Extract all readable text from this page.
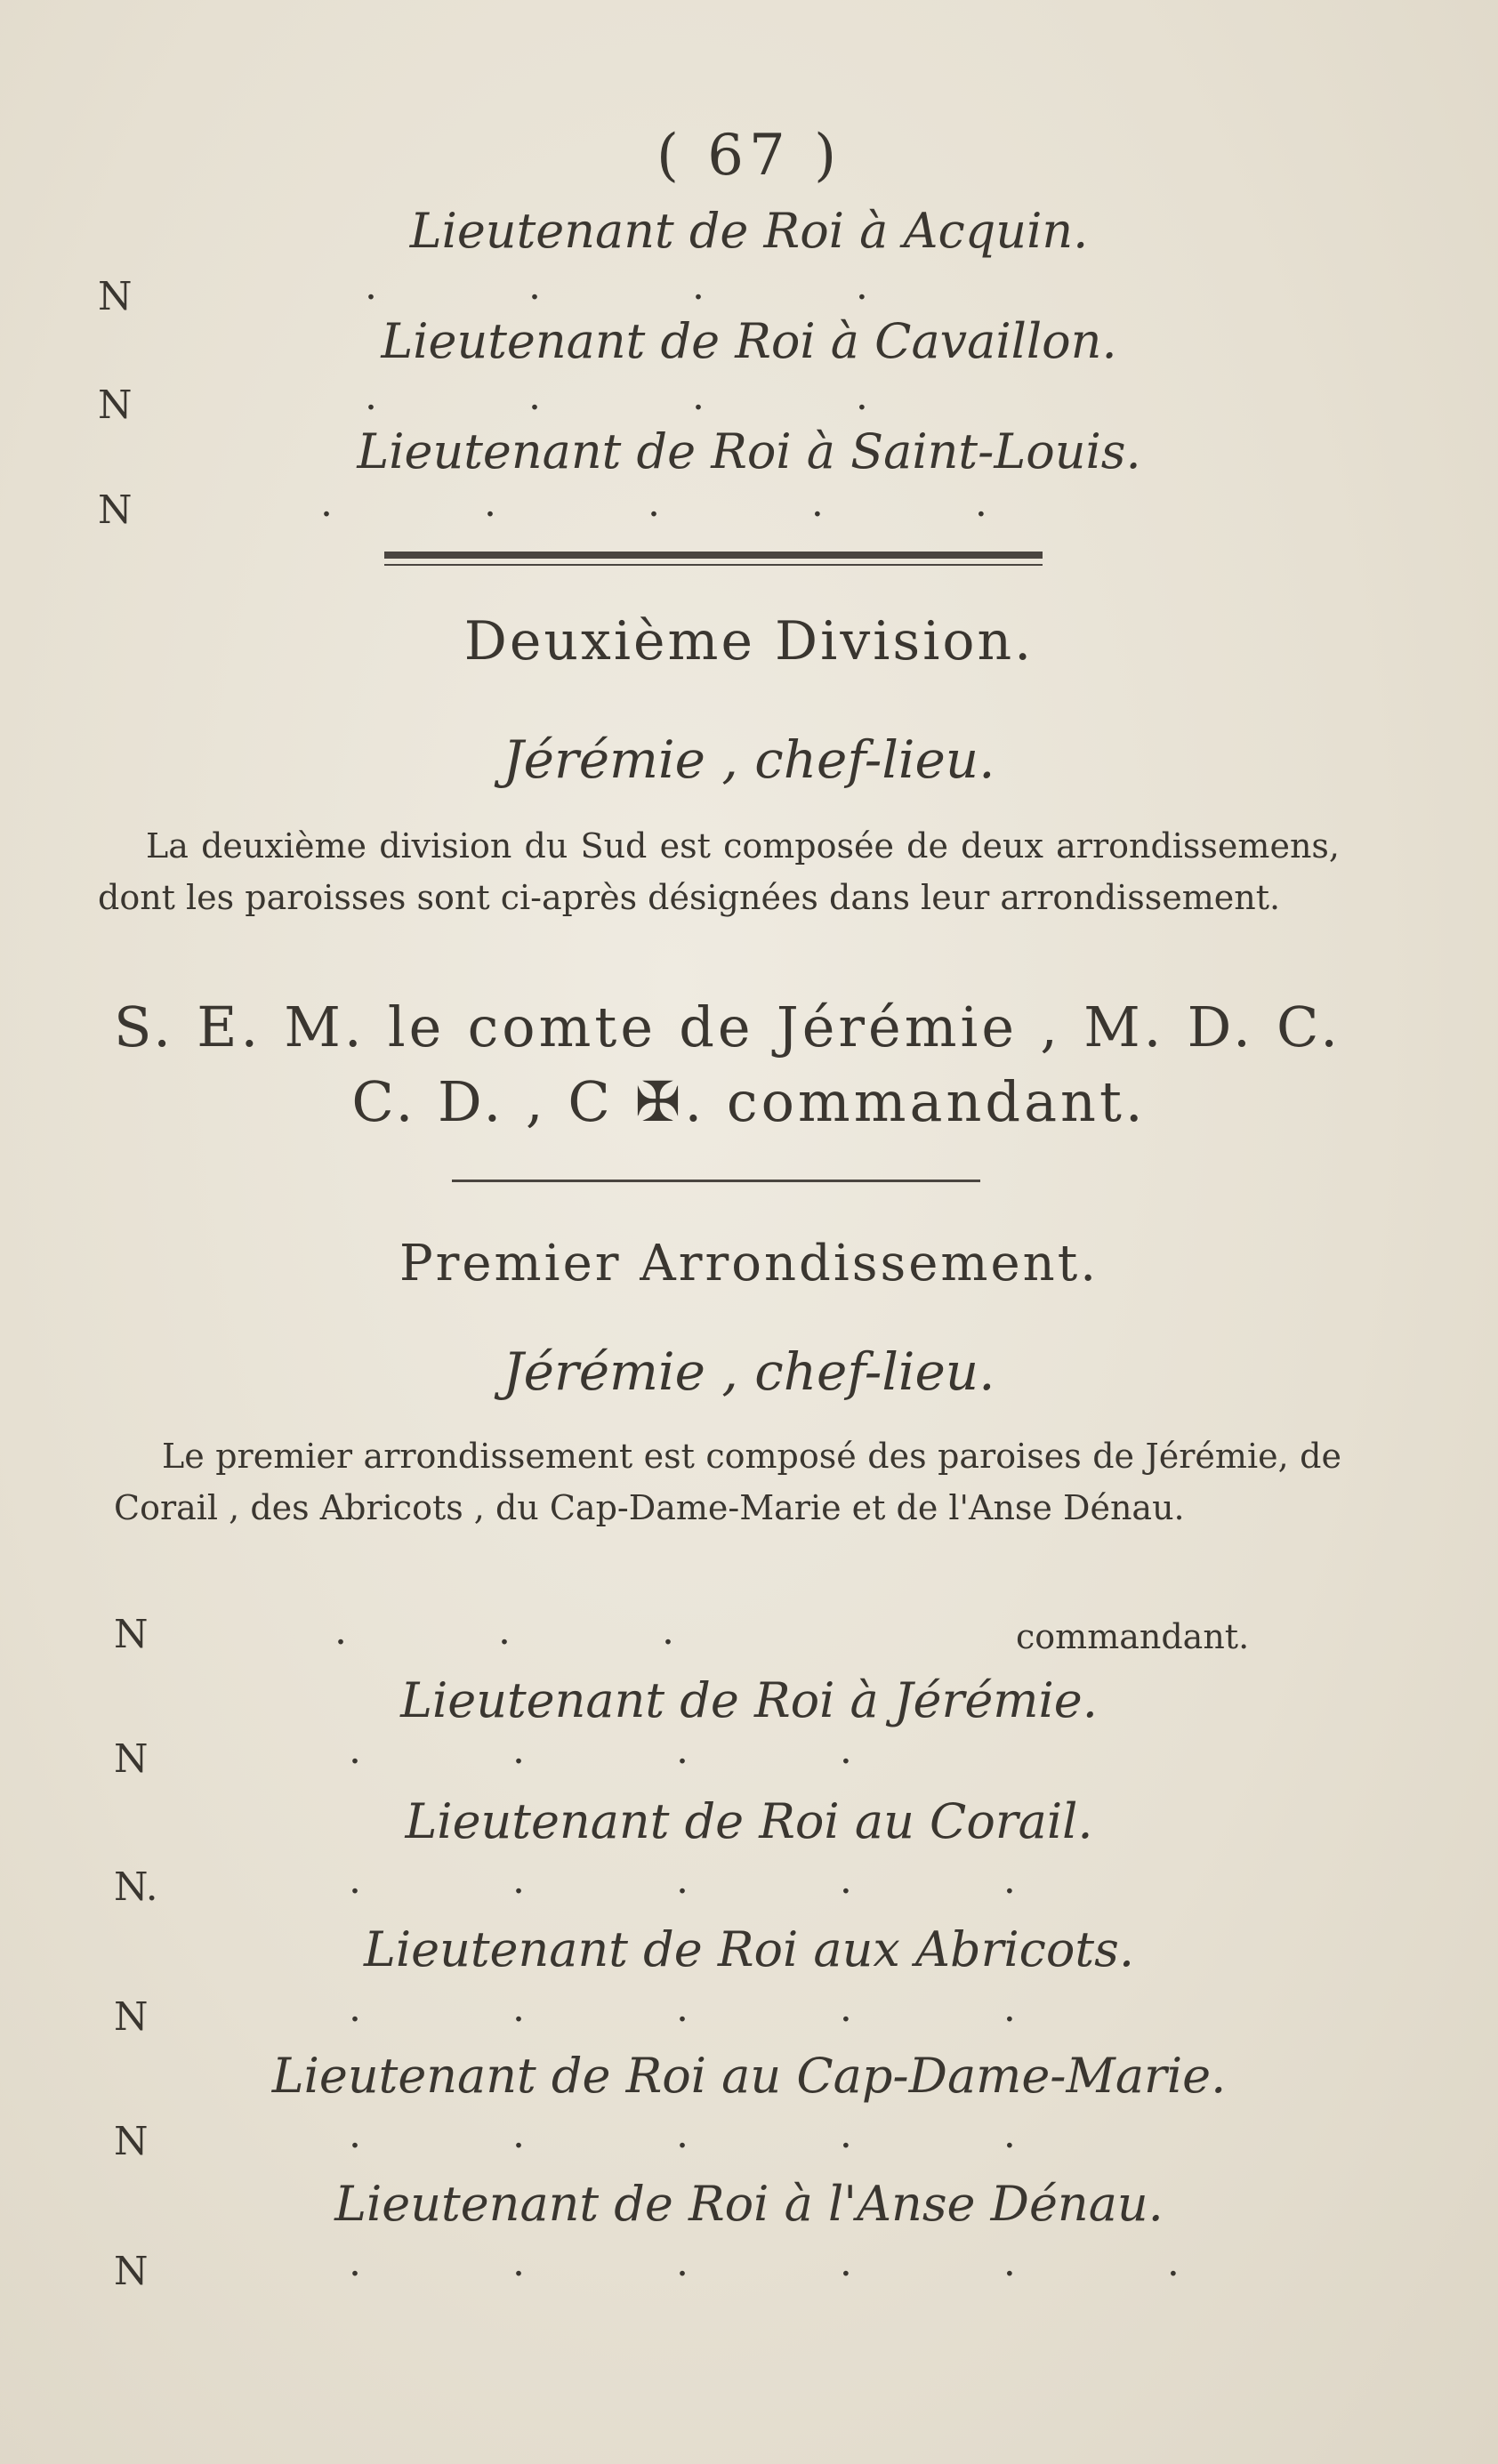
( 67 )
Lieutenant de Roi à Acquin.
N	. . . .
Lieutenant de Roi à Cavaillon.
N	. . . .
Lieutenant de Roi à Saint-Louis.
N	. . . . .
Deuxième Division.
Jérémie , chef-lieu.
La deuxième division du Sud est composée de deux arrondissemens, dont les paroisses sont ci-après désignées dans leur arrondissement.
S. E. M. le comte de Jérémie , M. D. C.
C. D. , C ✠. commandant.
Premier Arrondissement.
Jérémie , chef-lieu.
Le premier arrondissement est composé des paroises de Jérémie, de Corail , des Abricots , du Cap-Dame-Marie et de l'Anse Dénau.
N	. . .	commandant.
Lieutenant de Roi à Jérémie.
N	. . . .
Lieutenant de Roi au Corail.
N.	. . . . .
Lieutenant de Roi aux Abricots.
N	. . . . .
Lieutenant de Roi au Cap-Dame-Marie.
N	. . . . .
Lieutenant de Roi à l'Anse Dénau.
N	. . . . . .
